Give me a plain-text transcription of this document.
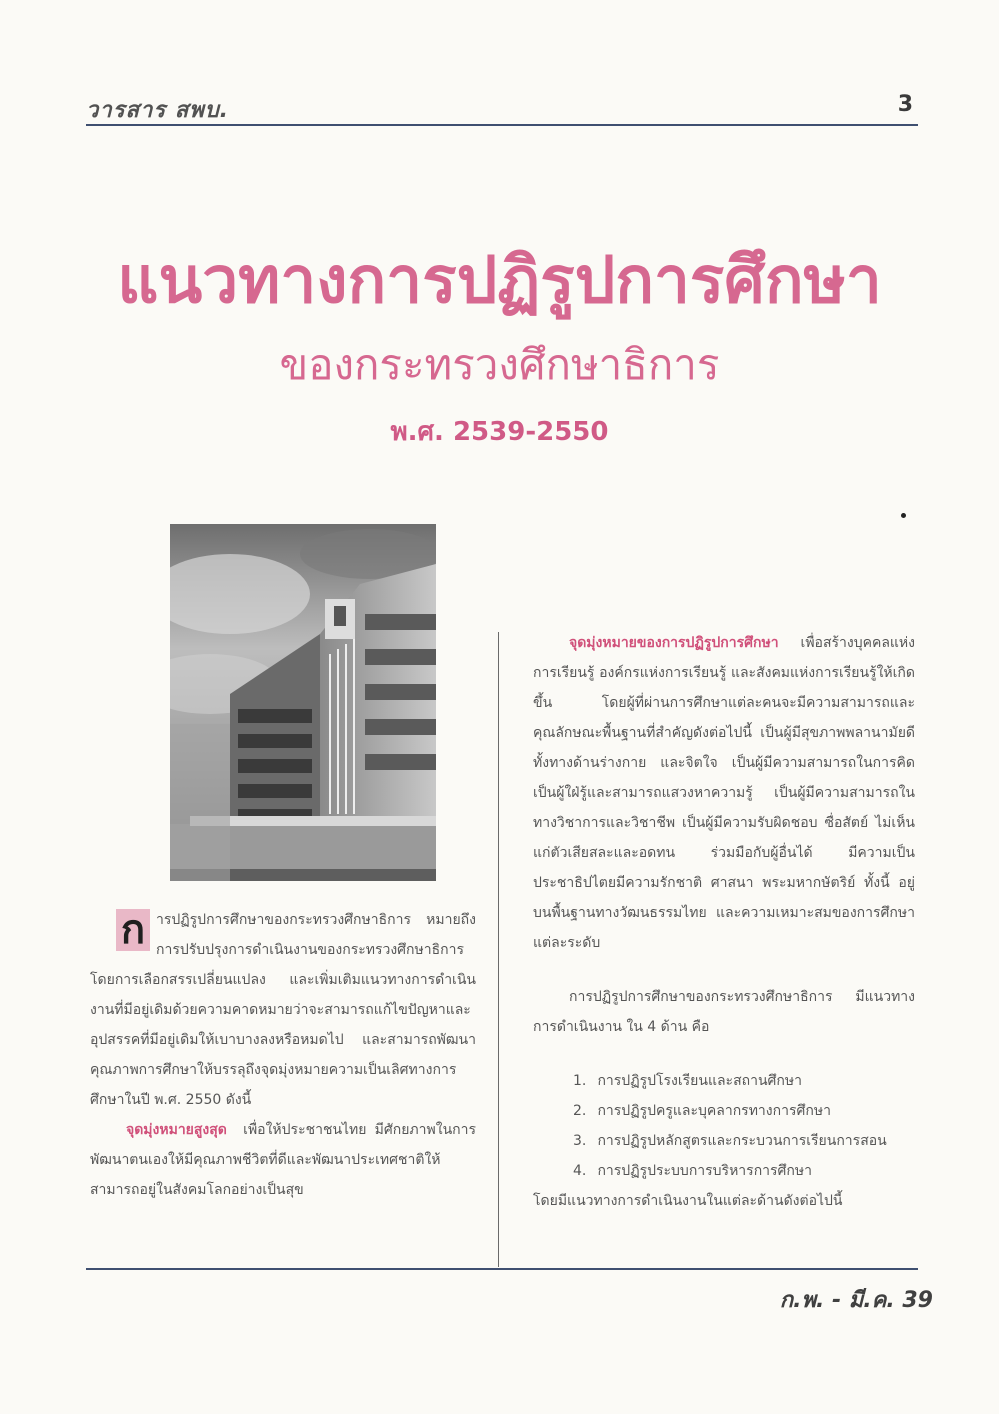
วารสาร สพบ.	3
แนวทางการปฏิรูปการศึกษา
ของกระทรวงศึกษาธิการ
พ.ศ. 2539-2550

ก ารปฏิรูปการศึกษาของกระทรวงศึกษาธิการ หมายถึงการปรับปรุงการดำเนินงานของกระทรวงศึกษาธิการโดยการเลือกสรรเปลี่ยนแปลง และเพิ่มเติมแนวทางการดำเนินงานที่มีอยู่เดิมด้วยความคาดหมายว่าจะสามารถแก้ไขปัญหาและอุปสรรคที่มีอยู่เดิมให้เบาบางลงหรือหมดไป และสามารถพัฒนาคุณภาพการศึกษาให้บรรลุถึงจุดมุ่งหมายความเป็นเลิศทางการศึกษาในปี พ.ศ. 2550 ดังนี้

จุดมุ่งหมายสูงสุด เพื่อให้ประชาชนไทย มีศักยภาพในการพัฒนาตนเองให้มีคุณภาพชีวิตที่ดีและพัฒนาประเทศชาติให้สามารถอยู่ในสังคมโลกอย่างเป็นสุข

จุดมุ่งหมายของการปฏิรูปการศึกษา เพื่อสร้างบุคคลแห่งการเรียนรู้ องค์กรแห่งการเรียนรู้ และสังคมแห่งการเรียนรู้ให้เกิดขึ้น โดยผู้ที่ผ่านการศึกษาแต่ละคนจะมีความสามารถและคุณลักษณะพื้นฐานที่สำคัญดังต่อไปนี้ เป็นผู้มีสุขภาพพลานามัยดีทั้งทางด้านร่างกาย และจิตใจ เป็นผู้มีความสามารถในการคิดเป็นผู้ใฝ่รู้และสามารถแสวงหาความรู้ เป็นผู้มีความสามารถในทางวิชาการและวิชาชีพ เป็นผู้มีความรับผิดชอบ ซื่อสัตย์ ไม่เห็นแก่ตัวเสียสละและอดทน ร่วมมือกับผู้อื่นได้ มีความเป็นประชาธิปไตยมีความรักชาติ ศาสนา พระมหากษัตริย์ ทั้งนี้ อยู่บนพื้นฐานทางวัฒนธรรมไทย และความเหมาะสมของการศึกษาแต่ละระดับ

การปฏิรูปการศึกษาของกระทรวงศึกษาธิการ มีแนวทางการดำเนินงาน ใน 4 ด้าน คือ

1. การปฏิรูปโรงเรียนและสถานศึกษา
2. การปฏิรูปครูและบุคลากรทางการศึกษา
3. การปฏิรูปหลักสูตรและกระบวนการเรียนการสอน
4. การปฏิรูประบบการบริหารการศึกษา

โดยมีแนวทางการดำเนินงานในแต่ละด้านดังต่อไปนี้

ก.พ. - มี.ค. 39
